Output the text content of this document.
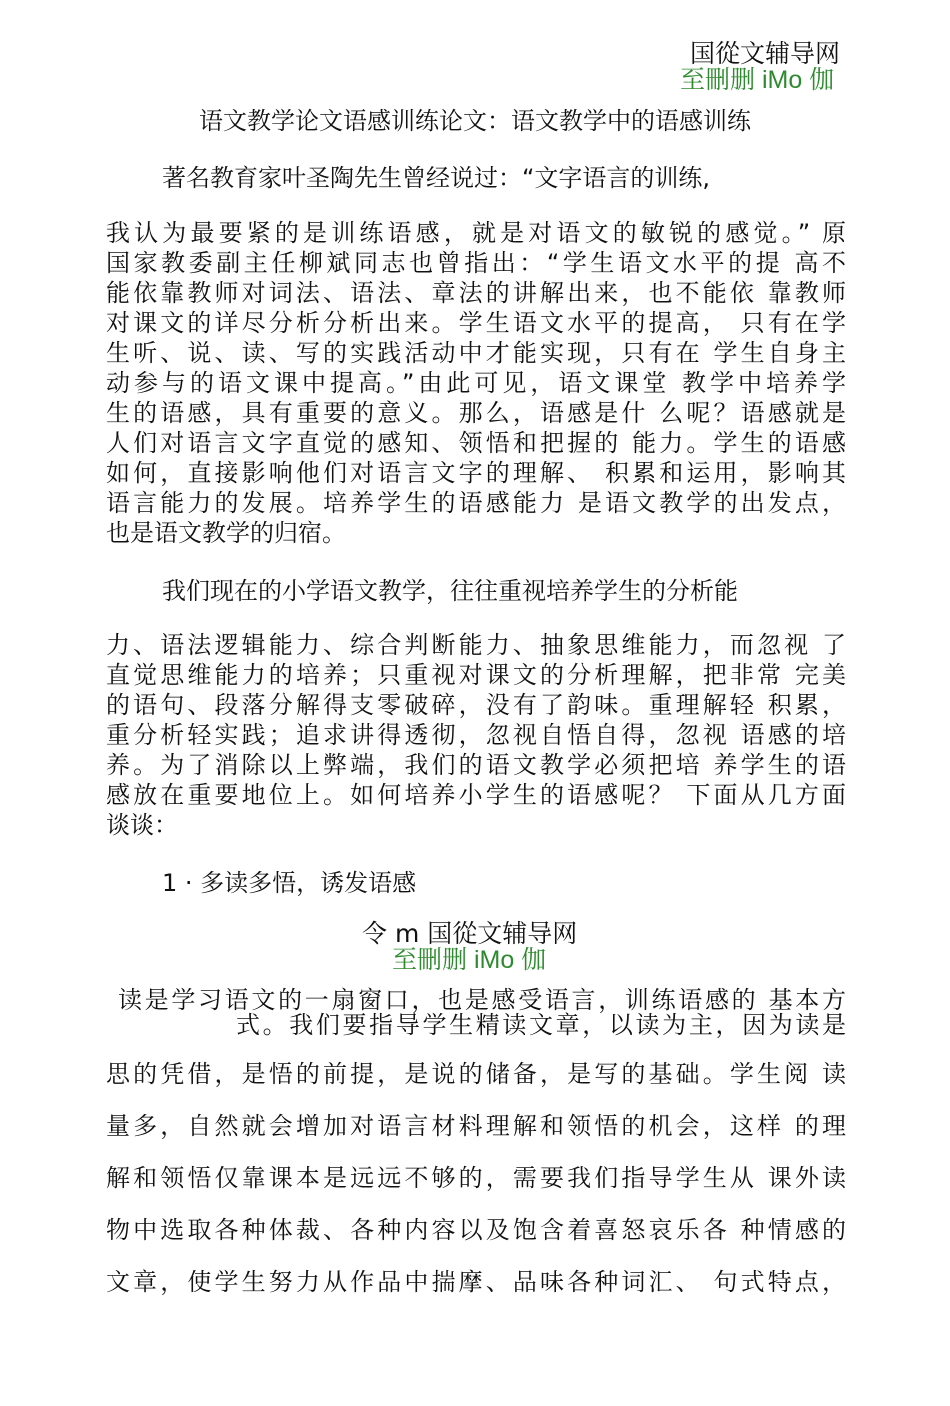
国從文辅导网
至刪删 iMo 伽
语文教学论文语感训练论文：语文教学中的语感训练
著名教育家叶圣陶先生曾经说过：“文字语言的训练,
我认为最要紧的是训练语感，就是对语文的敏锐的感觉。” 原
国家教委副主任柳斌同志也曾指出：“学生语文水平的提 高不
能依靠教师对词法、语法、章法的讲解出来，也不能依 靠教师
对课文的详尽分析分析出来。学生语文水平的提高， 只有在学
生听、说、读、写的实践活动中才能实现，只有在 学生自身主
动参与的语文课中提高。”由此可见，语文课堂 教学中培养学
生的语感，具有重要的意义。那么，语感是什 么呢？语感就是
人们对语言文字直觉的感知、领悟和把握的 能力。学生的语感
如何，直接影响他们对语言文字的理解、 积累和运用，影响其
语言能力的发展。培养学生的语感能力 是语文教学的出发点，
也是语文教学的归宿。
我们现在的小学语文教学，往往重视培养学生的分析能
力、语法逻辑能力、综合判断能力、抽象思维能力，而忽视 了
直觉思维能力的培养；只重视对课文的分析理解，把非常 完美
的语句、段落分解得支零破碎，没有了韵味。重理解轻 积累，
重分析轻实践；追求讲得透彻，忽视自悟自得，忽视 语感的培
养。为了消除以上弊端，我们的语文教学必须把培 养学生的语
感放在重要地位上。如何培养小学生的语感呢？ 下面从几方面
谈谈：
1 · 多读多悟，诱发语感
令 m 国從文辅导网
至刪删 iMo 伽
读是学习语文的一扇窗口，也是感受语言，训练语感的 基本方
式。我们要指导学生精读文章，以读为主，因为读是
思的凭借，是悟的前提，是说的储备，是写的基础。学生阅 读
量多，自然就会增加对语言材料理解和领悟的机会，这样 的理
解和领悟仅靠课本是远远不够的，需要我们指导学生从 课外读
物中选取各种体裁、各种内容以及饱含着喜怒哀乐各 种情感的
文章，使学生努力从作品中揣摩、品味各种词汇、 句式特点，
